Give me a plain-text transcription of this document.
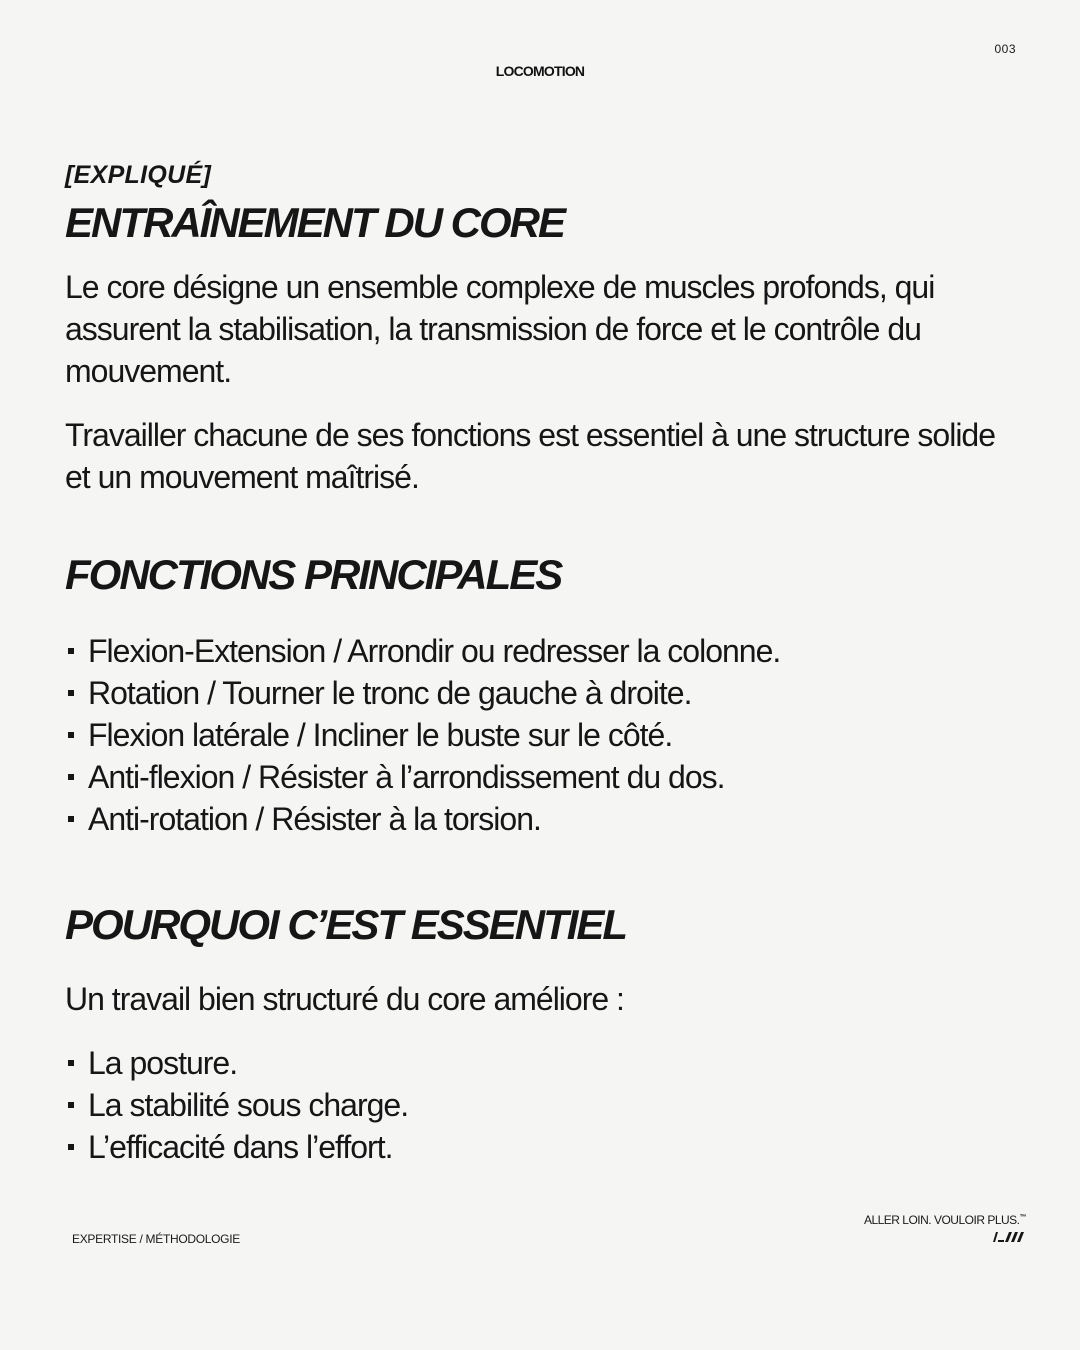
003
LOCOMOTION

[EXPLIQUÉ]

ENTRAÎNEMENT DU CORE

Le core désigne un ensemble complexe de muscles profonds, qui assurent la stabilisation, la transmission de force et le contrôle du mouvement.

Travailler chacune de ses fonctions est essentiel à une structure solide et un mouvement maîtrisé.

FONCTIONS PRINCIPALES
Flexion-Extension / Arrondir ou redresser la colonne.
Rotation / Tourner le tronc de gauche à droite.
Flexion latérale / Incliner le buste sur le côté.
Anti-flexion / Résister à l’arrondissement du dos.
Anti-rotation / Résister à la torsion.
POURQUOI C’EST ESSENTIEL

Un travail bien structuré du core améliore :

La posture.
La stabilité sous charge.
L’efficacité dans l’effort.
EXPERTISE / MÉTHODOLOGIE
ALLER LOIN. VOULOIR PLUS.™
